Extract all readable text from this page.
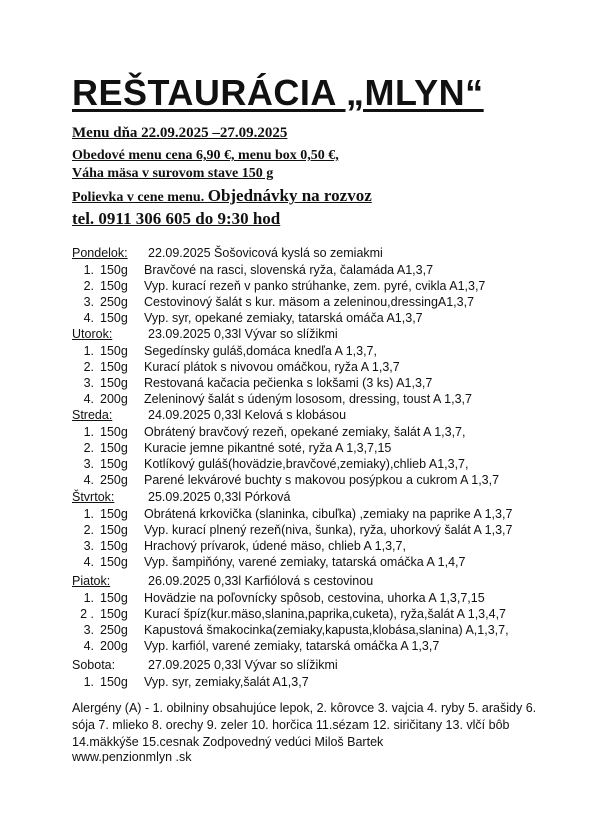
REŠTAURÁCIA „MLYN“

Menu dňa 22.09.2025 –27.09.2025

Obedové menu cena 6,90 €, menu box 0,50 €,

Váha mäsa v surovom stave 150 g

Polievka v cene menu. Objednávky na rozvoz

tel. 0911 306 605 do 9:30 hod

Pondelok: 22.09.2025 Šošovicová kyslá so zemiakmi
1. 150g Bravčové na rasci, slovenská ryža, čalamáda A1,3,7
2. 150g Vyp. kurací rezeň v panko strúhanke, zem. pyré, cvikla A1,3,7
3. 250g Cestovinový šalát s kur. mäsom a zeleninou,dressingA1,3,7
4. 150g Vyp. syr, opekané zemiaky, tatarská omáča A1,3,7
Utorok:	23.09.2025 0,33l Vývar so slížikmi
1. 150g Segedínsky guláš,domáca knedľa A 1,3,7,
2. 150g Kurací plátok s nivovou omáčkou, ryža A 1,3,7
3. 150g Restovaná kačacia pečienka s lokšami (3 ks) A1,3,7
4. 200g Zeleninový šalát s údeným lososom, dressing, toust A 1,3,7
Streda:	24.09.2025 0,33l Kelová s klobásou
1. 150g Obrátený bravčový rezeň, opekané zemiaky, šalát A 1,3,7,
2. 150g Kuracie jemne pikantné soté, ryža A 1,3,7,15
3. 150g Kotlíkový guláš(hovädzie,bravčové,zemiaky),chlieb A1,3,7,
4. 250g Parené lekvárové buchty s makovou posýpkou a cukrom A 1,3,7
Štvrtok:	25.09.2025 0,33l Pórková
1. 150g Obrátená krkovička (slaninka, cibuľka) ,zemiaky na paprike A 1,3,7
2. 150g Vyp. kurací plnený rezeň(niva, šunka), ryža, uhorkový šalát A 1,3,7
3. 150g Hrachový prívarok, údené mäso, chlieb A 1,3,7,
4. 150g Vyp. šampiňóny, varené zemiaky, tatarská omáčka A 1,4,7
Piatok:	26.09.2025 0,33l Karfiólová s cestovinou
1. 150g Hovädzie na poľovnícky spôsob, cestovina, uhorka A 1,3,7,15
2 . 150g Kurací špíz(kur.mäso,slanina,paprika,cuketa), ryža,šalát A 1,3,4,7
3. 250g Kapustová šmakocinka(zemiaky,kapusta,klobása,slanina) A,1,3,7,
4. 200g Vyp. karfiól, varené zemiaky, tatarská omáčka A 1,3,7
Sobota:	27.09.2025 0,33l Vývar so slížikmi
1. 150g Vyp. syr, zemiaky,šalát A1,3,7

Alergény (A) - 1. obilniny obsahujúce lepok, 2. kôrovce 3. vajcia 4. ryby 5. arašidy 6. sója 7. mlieko 8. orechy 9. zeler 10. horčica 11.sézam 12. siričitany 13. vlčí bôb 14.mäkkýše 15.cesnak Zodpovedný vedúci Miloš Bartek

www.penzionmlyn .sk
